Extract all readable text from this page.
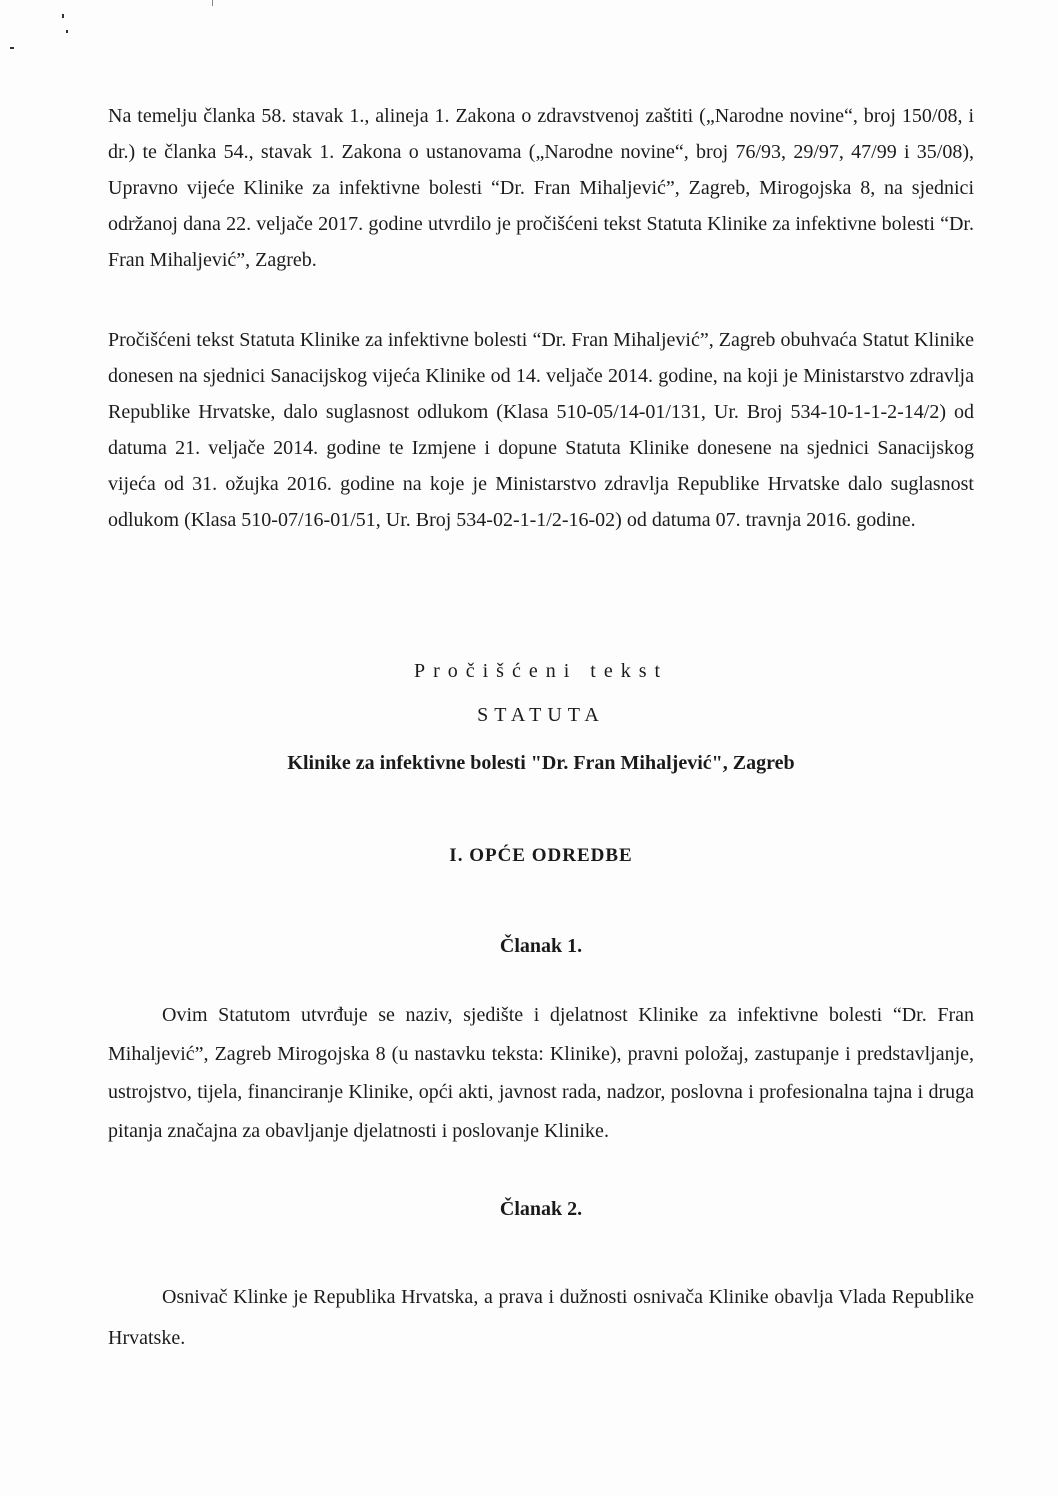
Na temelju članka 58. stavak 1., alineja 1. Zakona o zdravstvenoj zaštiti („Narodne novine“, broj 150/08, i dr.) te članka 54., stavak 1. Zakona o ustanovama („Narodne novine“, broj 76/93, 29/97, 47/99 i 35/08), Upravno vijeće Klinike za infektivne bolesti “Dr. Fran Mihaljević”, Zagreb, Mirogojska 8, na sjednici održanoj dana 22. veljače 2017. godine utvrdilo je pročišćeni tekst Statuta Klinike za infektivne bolesti “Dr. Fran Mihaljević”, Zagreb.

Pročišćeni tekst Statuta Klinike za infektivne bolesti “Dr. Fran Mihaljević”, Zagreb obuhvaća Statut Klinike donesen na sjednici Sanacijskog vijeća Klinike od 14. veljače 2014. godine, na koji je Ministarstvo zdravlja Republike Hrvatske, dalo suglasnost odlukom (Klasa 510-05/14-01/131, Ur. Broj 534-10-1-1-2-14/2) od datuma 21. veljače 2014. godine te Izmjene i dopune Statuta Klinike donesene na sjednici Sanacijskog vijeća od 31. ožujka 2016. godine na koje je Ministarstvo zdravlja Republike Hrvatske dalo suglasnost odlukom (Klasa 510-07/16-01/51, Ur. Broj 534-02-1-1/2-16-02) od datuma 07. travnja 2016. godine.

Pročišćeni tekst

STATUTA

Klinike za infektivne bolesti "Dr. Fran Mihaljević", Zagreb

I. OPĆE ODREDBE

Članak 1.

Ovim Statutom utvrđuje se naziv, sjedište i djelatnost Klinike za infektivne bolesti “Dr. Fran Mihaljević”, Zagreb Mirogojska 8 (u nastavku teksta: Klinike), pravni položaj, zastupanje i predstavljanje, ustrojstvo, tijela, financiranje Klinike, opći akti, javnost rada, nadzor, poslovna i profesionalna tajna i druga pitanja značajna za obavljanje djelatnosti i poslovanje Klinike.

Članak 2.

Osnivač Klinke je Republika Hrvatska, a prava i dužnosti osnivača Klinike obavlja Vlada Republike Hrvatske.
